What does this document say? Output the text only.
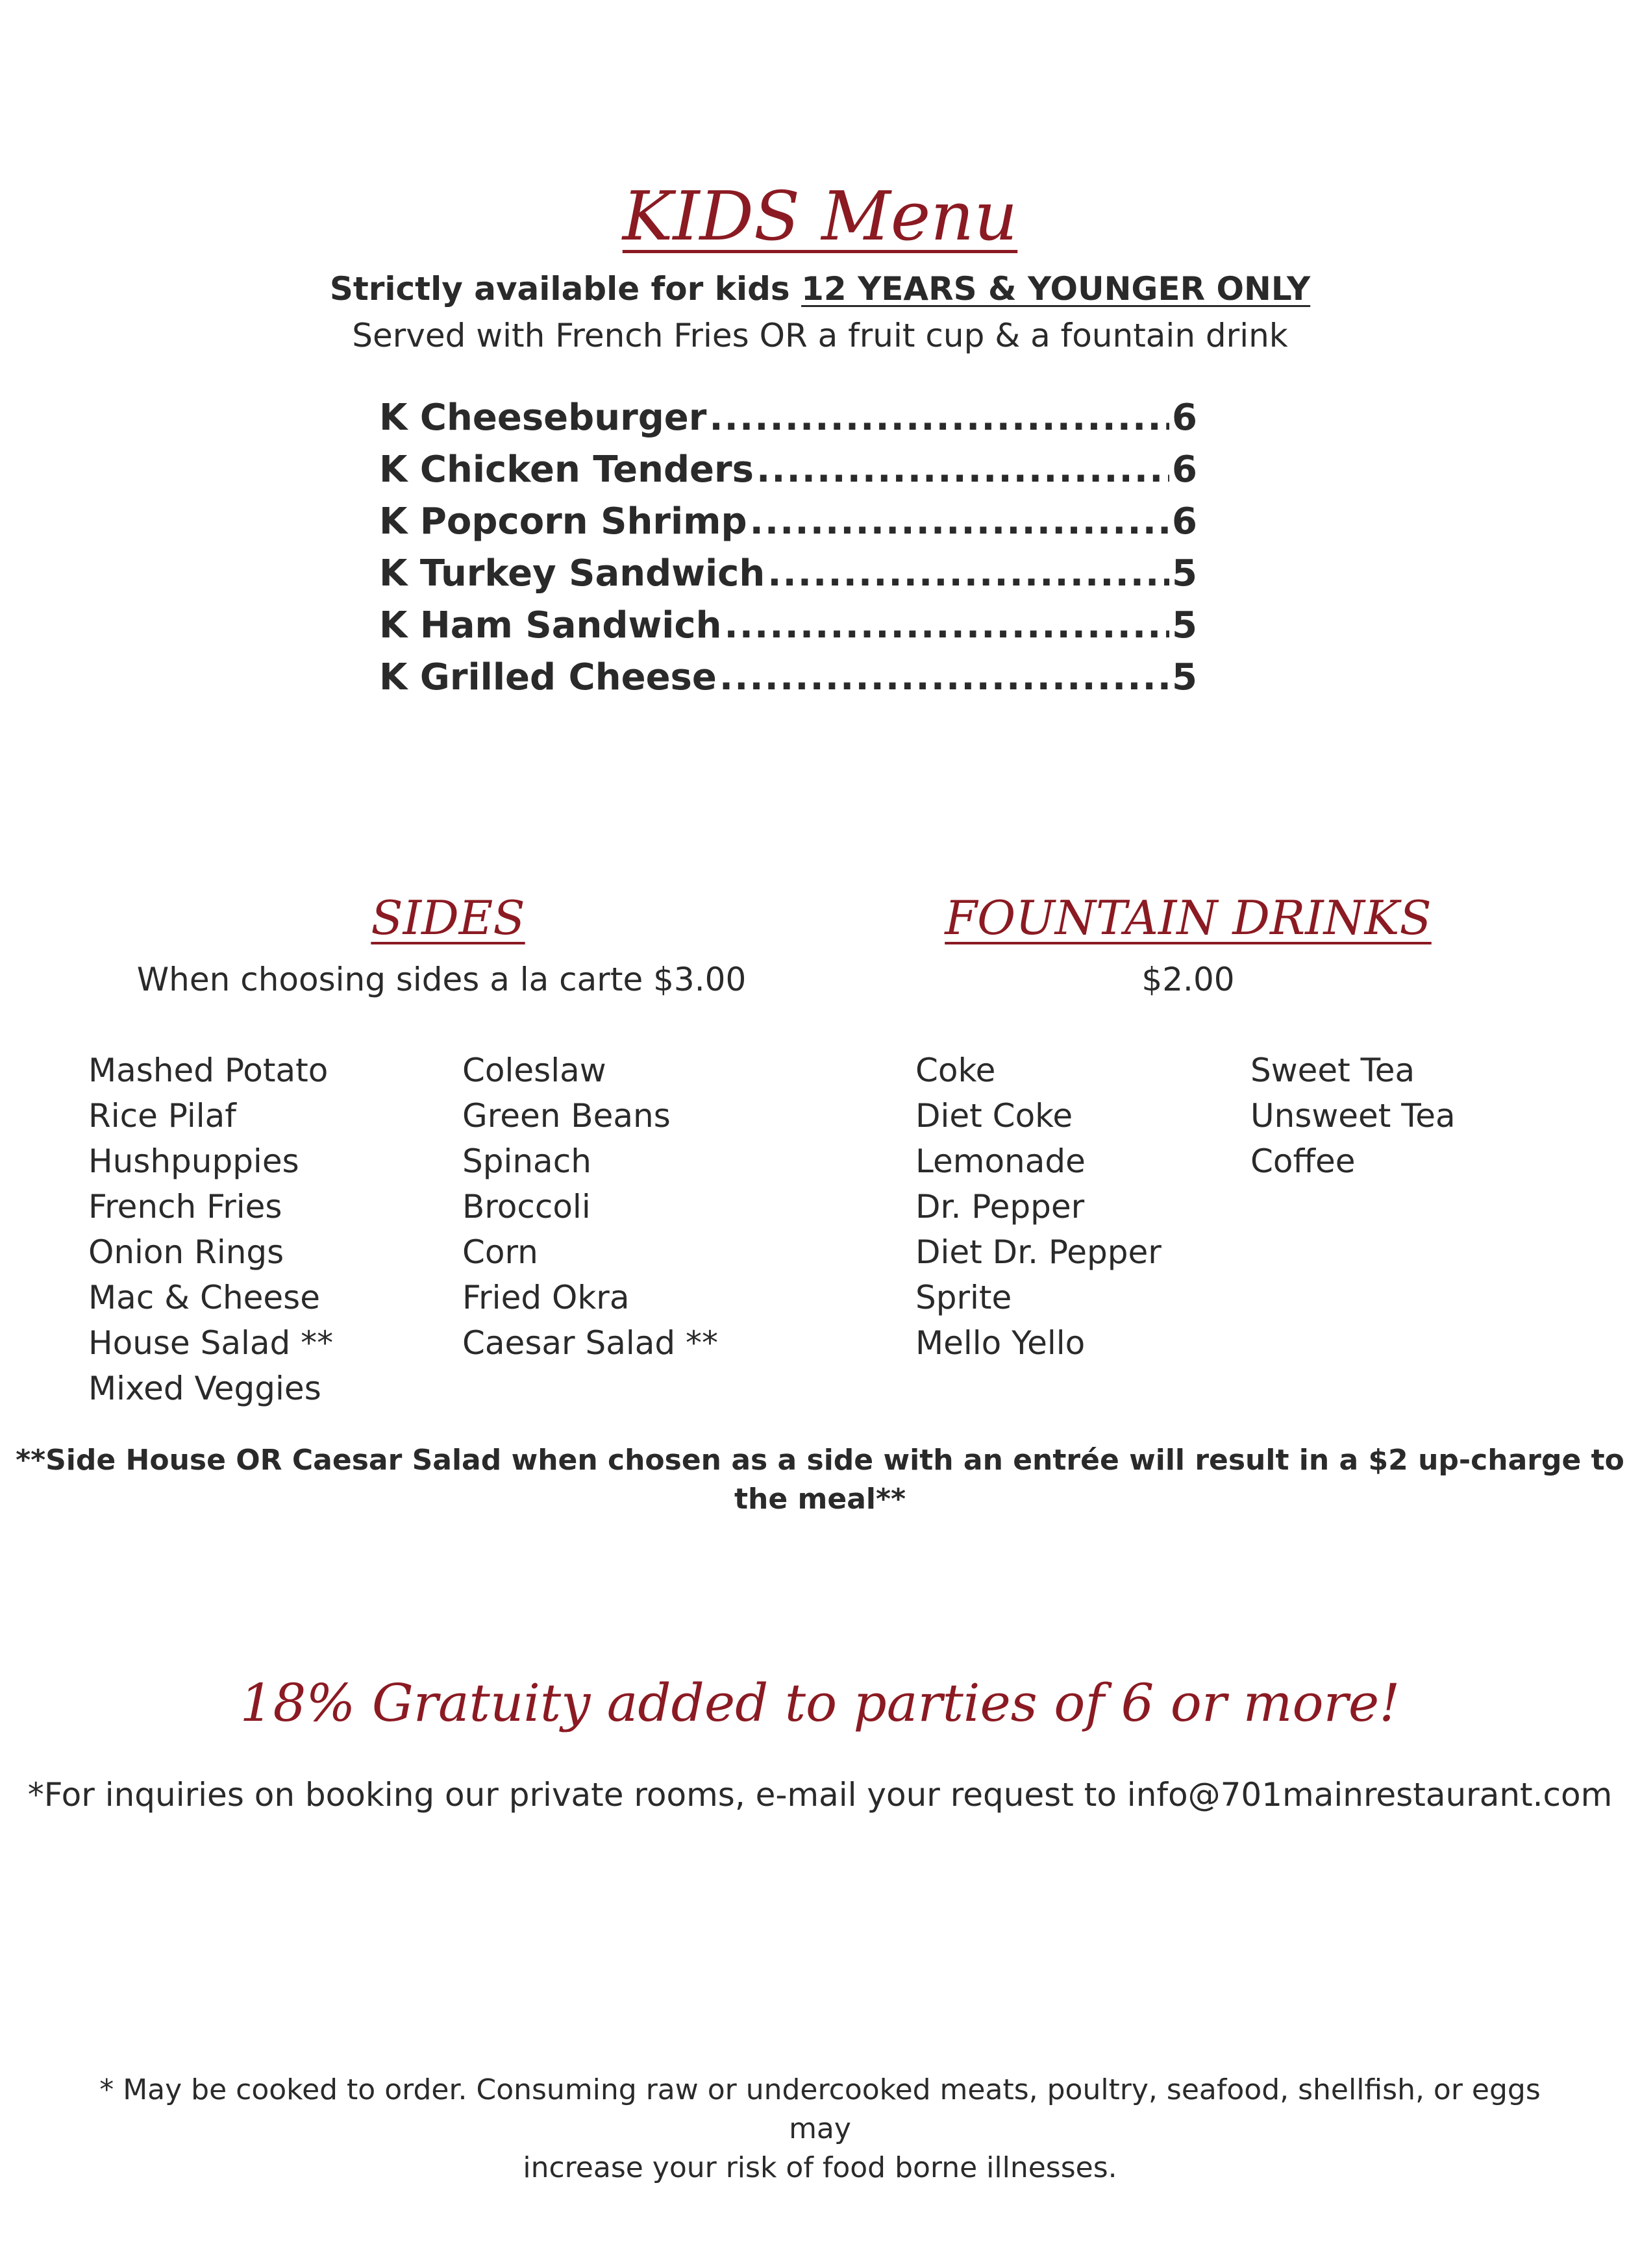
KIDS Menu
Strictly available for kids 12 YEARS & YOUNGER ONLY
Served with French Fries OR a fruit cup & a fountain drink
K Cheeseburger .....	6
K Chicken Tenders .....	6
K Popcorn Shrimp .....	6
K Turkey Sandwich .....	5
K Ham Sandwich .....	5
K Grilled Cheese .....	5
SIDES
When choosing sides a la carte $3.00
Mashed Potato
Rice Pilaf
Hushpuppies
French Fries
Onion Rings
Mac & Cheese
House Salad **
Mixed Veggies
Coleslaw
Green Beans
Spinach
Broccoli
Corn
Fried Okra
Caesar Salad **
FOUNTAIN DRINKS
$2.00
Coke
Diet Coke
Lemonade
Dr. Pepper
Diet Dr. Pepper
Sprite
Mello Yello
Sweet Tea
Unsweet Tea
Coffee
**Side House OR Caesar Salad when chosen as a side with an entrée will result in a $2 up-charge to the meal**
18% Gratuity added to parties of 6 or more!
*For inquiries on booking our private rooms, e-mail your request to info@701mainrestaurant.com
* May be cooked to order. Consuming raw or undercooked meats, poultry, seafood, shellfish, or eggs may
increase your risk of food borne illnesses.
